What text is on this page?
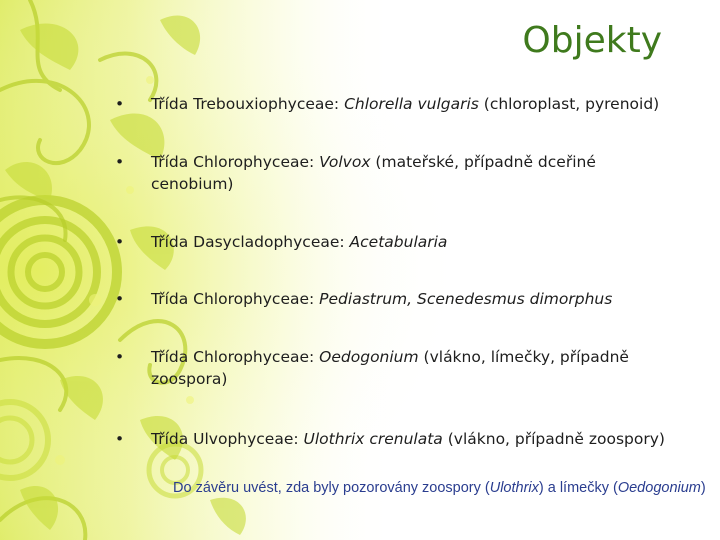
Objekty
•	Třída Trebouxiophyceae: Chlorella vulgaris (chloroplast, pyrenoid)
•	Třída Chlorophyceae: Volvox (mateřské, případně dceřiné cenobium)
•	Třída Dasycladophyceae: Acetabularia
•	Třída Chlorophyceae: Pediastrum, Scenedesmus dimorphus
•	Třída Chlorophyceae: Oedogonium (vlákno, límečky, případně zoospora)
•	Třída Ulvophyceae: Ulothrix crenulata (vlákno, případně zoospory)
Do závěru uvést, zda byly pozorovány zoospory (Ulothrix) a límečky (Oedogonium)
